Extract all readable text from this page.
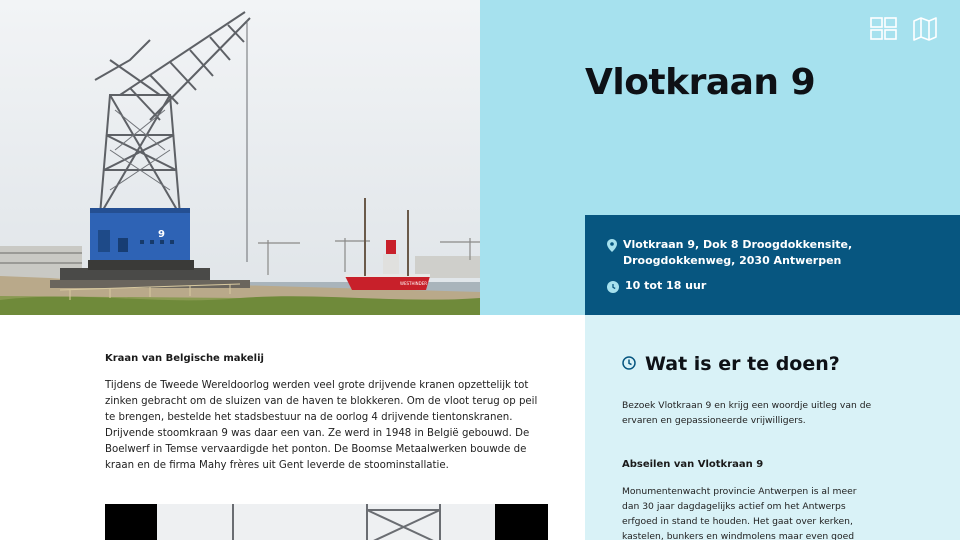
9
WESTHINDER
Vlotkraan 9
Vlotkraan 9, Dok 8 Droogdokkensite,
Droogdokkenweg, 2030 Antwerpen
10 tot 18 uur
Kraan van Belgische makelij

Tijdens de Tweede Wereldoorlog werden veel grote drijvende kranen opzettelijk tot zinken gebracht om de sluizen van de haven te blokkeren. Om de vloot terug op peil te brengen, bestelde het stadsbestuur na de oorlog 4 drijvende tientonskranen. Drijvende stoomkraan 9 was daar een van. Ze werd in 1948 in België gebouwd. De Boelwerf in Temse vervaardigde het ponton. De Boomse Metaalwerken bouwde de kraan en de firma Mahy frères uit Gent leverde de stoominstallatie.

Wat is er te doen?

Bezoek Vlotkraan 9 en krijg een woordje uitleg van de ervaren en gepassioneerde vrijwilligers.

Abseilen van Vlotkraan 9

Monumentenwacht provincie Antwerpen is al meer dan 30 jaar dagdagelijks actief om het Antwerps erfgoed in stand te houden. Het gaat over kerken, kastelen, bunkers en windmolens maar even goed
